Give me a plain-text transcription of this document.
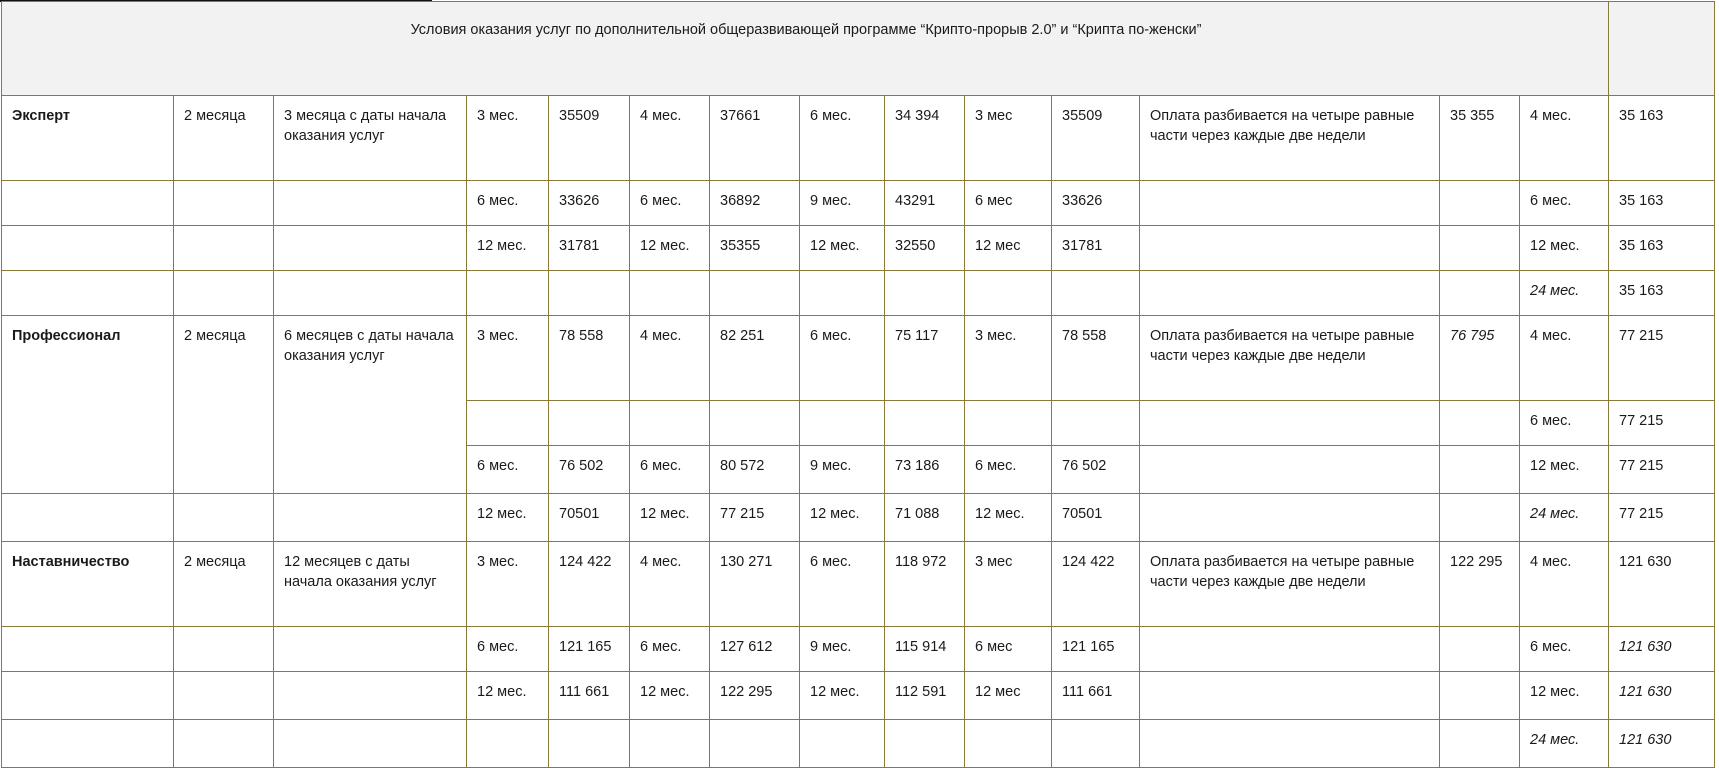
Условия оказания услуг по дополнительной общеразвивающей программе “Крипто-прорыв 2.0” и “Крипта по-женски”														
Эксперт	2 месяца	3 месяца с даты начала оказания услуг	3 мес.	35509	4 мес.	37661	6 мес.	34 394	3 мес	35509	Оплата разбивается на четыре равные части через каждые две недели	35 355	4 мес.	35 163
			6 мес.	33626	6 мес.	36892	9 мес.	43291	6 мес	33626			6 мес.	35 163
			12 мес.	31781	12 мес.	35355	12 мес.	32550	12 мес	31781			12 мес.	35 163
													24 мес.	35 163
Профессионал	2 месяца	6 месяцев с даты начала оказания услуг	3 мес.	78 558	4 мес.	82 251	6 мес.	75 117	3 мес.	78 558	Оплата разбивается на четыре равные части через каждые две недели	76 795	4 мес.	77 215
													6 мес.	77 215
			6 мес.	76 502	6 мес.	80 572	9 мес.	73 186	6 мес.	76 502			12 мес.	77 215
			12 мес.	70501	12 мес.	77 215	12 мес.	71 088	12 мес.	70501			24 мес.	77 215
Наставничество	2 месяца	12 месяцев с даты начала оказания услуг	3 мес.	124 422	4 мес.	130 271	6 мес.	118 972	3 мес	124 422	Оплата разбивается на четыре равные части через каждые две недели	122 295	4 мес.	121 630
			6 мес.	121 165	6 мес.	127 612	9 мес.	115 914	6 мес	121 165			6 мес.	121 630
			12 мес.	111 661	12 мес.	122 295	12 мес.	112 591	12 мес	111 661			12 мес.	121 630
													24 мес.	121 630
